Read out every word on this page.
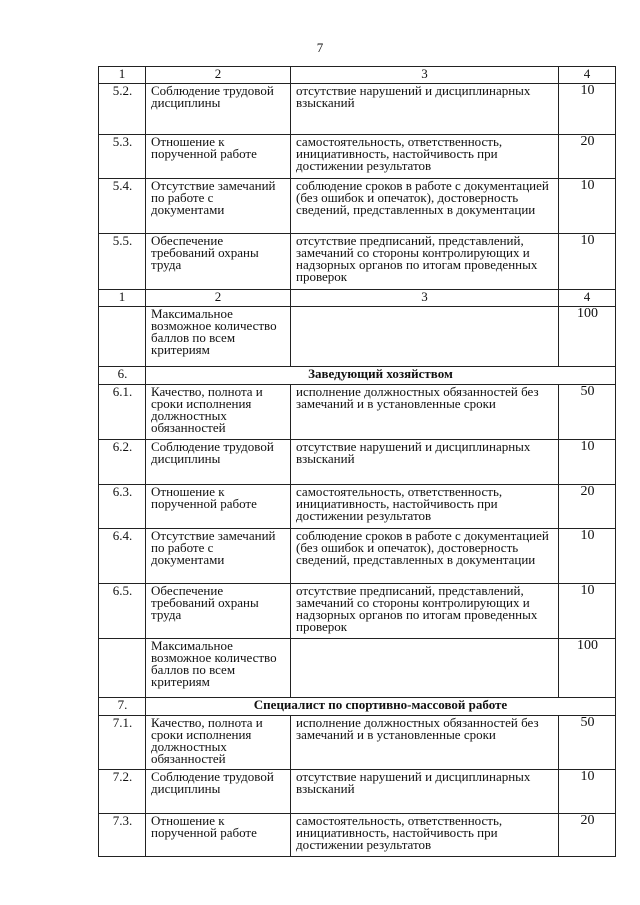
7
1	2	3	4
5.2.	Соблюдение трудовой дисциплины	отсутствие нарушений и дисциплинарных взысканий	10
5.3.	Отношение к порученной работе	самостоятельность, ответственность, инициативность, настойчивость при достижении результатов	20
5.4.	Отсутствие замечаний по работе с документами	соблюдение сроков в работе с документацией (без ошибок и опечаток), достоверность сведений, представленных в документации	10
5.5.	Обеспечение требований охраны труда	отсутствие предписаний, представлений, замечаний со стороны контролирующих и надзорных органов по итогам проведенных проверок	10
1	2	3	4
	Максимальное возможное количество баллов по всем критериям		100
6.	Заведующий хозяйством		
6.1.	Качество, полнота и сроки исполнения должностных обязанностей	исполнение должностных обязанностей без замечаний и в установленные сроки	50
6.2.	Соблюдение трудовой дисциплины	отсутствие нарушений и дисциплинарных взысканий	10
6.3.	Отношение к порученной работе	самостоятельность, ответственность, инициативность, настойчивость при достижении результатов	20
6.4.	Отсутствие замечаний по работе с документами	соблюдение сроков в работе с документацией (без ошибок и опечаток), достоверность сведений, представленных в документации	10
6.5.	Обеспечение требований охраны труда	отсутствие предписаний, представлений, замечаний со стороны контролирующих и надзорных органов по итогам проведенных проверок	10
	Максимальное возможное количество баллов по всем критериям		100
7.	Специалист по спортивно-массовой работе		
7.1.	Качество, полнота и сроки исполнения должностных обязанностей	исполнение должностных обязанностей без замечаний и в установленные сроки	50
7.2.	Соблюдение трудовой дисциплины	отсутствие нарушений и дисциплинарных взысканий	10
7.3.	Отношение к порученной работе	самостоятельность, ответственность, инициативность, настойчивость при достижении результатов	20
